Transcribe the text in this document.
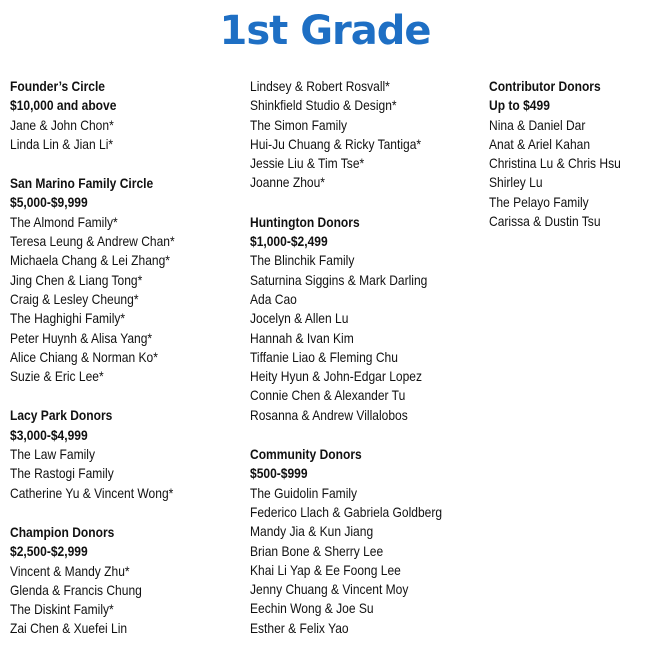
1st Grade
Founder’s Circle
$10,000 and above
Jane & John Chon*
Linda Lin & Jian Li*
San Marino Family Circle
$5,000-$9,999
The Almond Family*
Teresa Leung & Andrew Chan*
Michaela Chang & Lei Zhang*
Jing Chen & Liang Tong*
Craig & Lesley Cheung*
The Haghighi Family*
Peter Huynh & Alisa Yang*
Alice Chiang & Norman Ko*
Suzie & Eric Lee*
Lacy Park Donors
$3,000-$4,999
The Law Family
The Rastogi Family
Catherine Yu & Vincent Wong*
Champion Donors
$2,500-$2,999
Vincent & Mandy Zhu*
Glenda & Francis Chung
The Diskint Family*
Zai Chen & Xuefei Lin
Lindsey & Robert Rosvall*
Shinkfield Studio & Design*
The Simon Family
Hui-Ju Chuang & Ricky Tantiga*
Jessie Liu & Tim Tse*
Joanne Zhou*
Huntington Donors
$1,000-$2,499
The Blinchik Family
Saturnina Siggins & Mark Darling
Ada Cao
Jocelyn & Allen Lu
Hannah & Ivan Kim
Tiffanie Liao & Fleming Chu
Heity Hyun & John-Edgar Lopez
Connie Chen & Alexander Tu
Rosanna & Andrew Villalobos
Community Donors
$500-$999
The Guidolin Family
Federico Llach & Gabriela Goldberg
Mandy Jia & Kun Jiang
Brian Bone & Sherry Lee
Khai Li Yap & Ee Foong Lee
Jenny Chuang & Vincent Moy
Eechin Wong & Joe Su
Esther & Felix Yao
Contributor Donors
Up to $499
Nina & Daniel Dar
Anat & Ariel Kahan
Christina Lu & Chris Hsu
Shirley Lu
The Pelayo Family
Carissa & Dustin Tsu
